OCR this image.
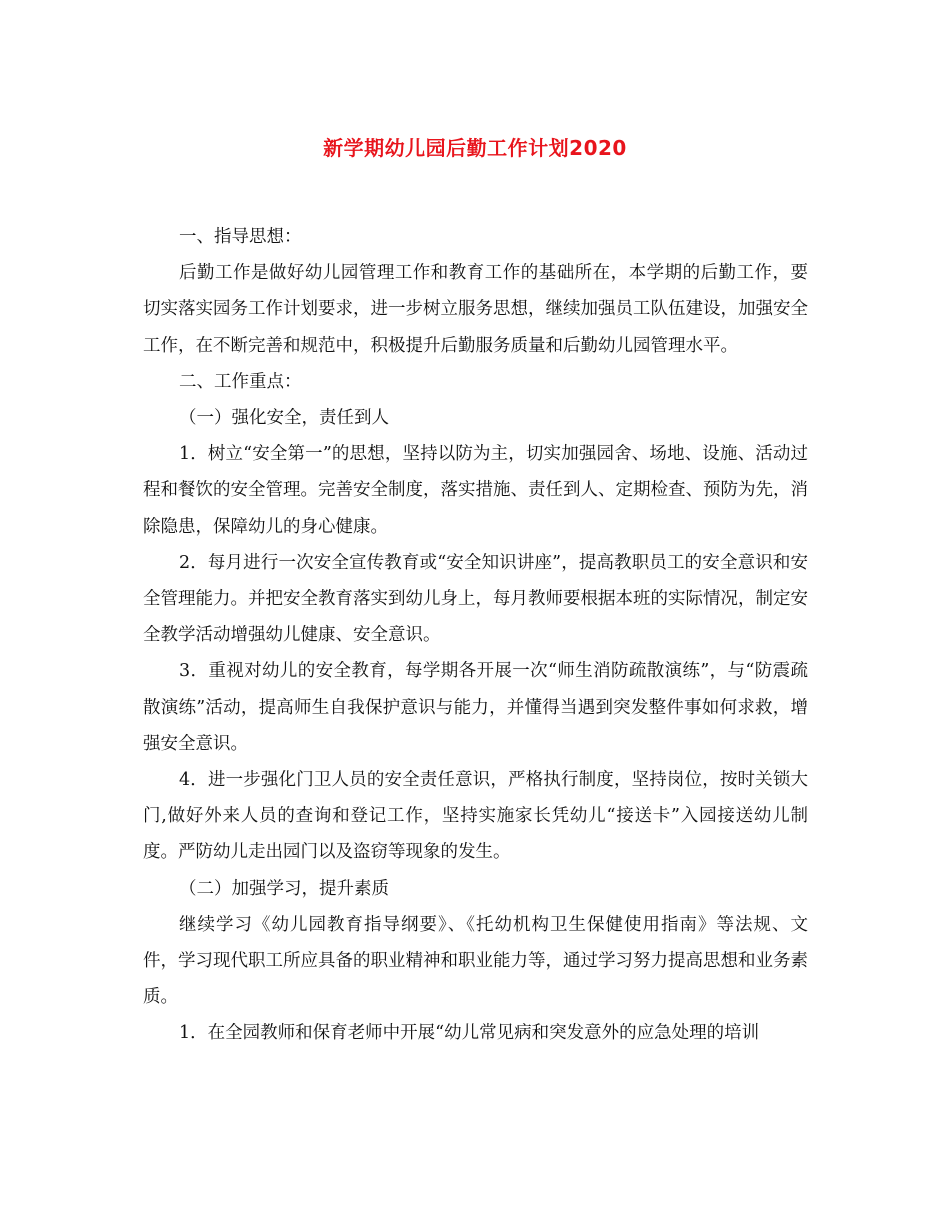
新学期幼儿园后勤工作计划2020

一、指导思想：

后勤工作是做好幼儿园管理工作和教育工作的基础所在，本学期的后勤工作，要切实落实园务工作计划要求，进一步树立服务思想，继续加强员工队伍建设，加强安全工作，在不断完善和规范中，积极提升后勤服务质量和后勤幼儿园管理水平。

二、工作重点：

（一）强化安全，责任到人

1．树立“安全第一”的思想，坚持以防为主，切实加强园舍、场地、设施、活动过程和餐饮的安全管理。完善安全制度，落实措施、责任到人、定期检查、预防为先，消除隐患，保障幼儿的身心健康。

2．每月进行一次安全宣传教育或“安全知识讲座”，提高教职员工的安全意识和安全管理能力。并把安全教育落实到幼儿身上，每月教师要根据本班的实际情况，制定安全教学活动增强幼儿健康、安全意识。

3．重视对幼儿的安全教育，每学期各开展一次“师生消防疏散演练”，与“防震疏散演练”活动，提高师生自我保护意识与能力，并懂得当遇到突发整件事如何求救，增强安全意识。

4．进一步强化门卫人员的安全责任意识，严格执行制度，坚持岗位，按时关锁大门,做好外来人员的查询和登记工作，坚持实施家长凭幼儿“接送卡”入园接送幼儿制度。严防幼儿走出园门以及盗窃等现象的发生。

（二）加强学习，提升素质

继续学习《幼儿园教育指导纲要》、《托幼机构卫生保健使用指南》等法规、文件，学习现代职工所应具备的职业精神和职业能力等，通过学习努力提高思想和业务素质。

1．在全园教师和保育老师中开展“幼儿常见病和突发意外的应急处理的培训
